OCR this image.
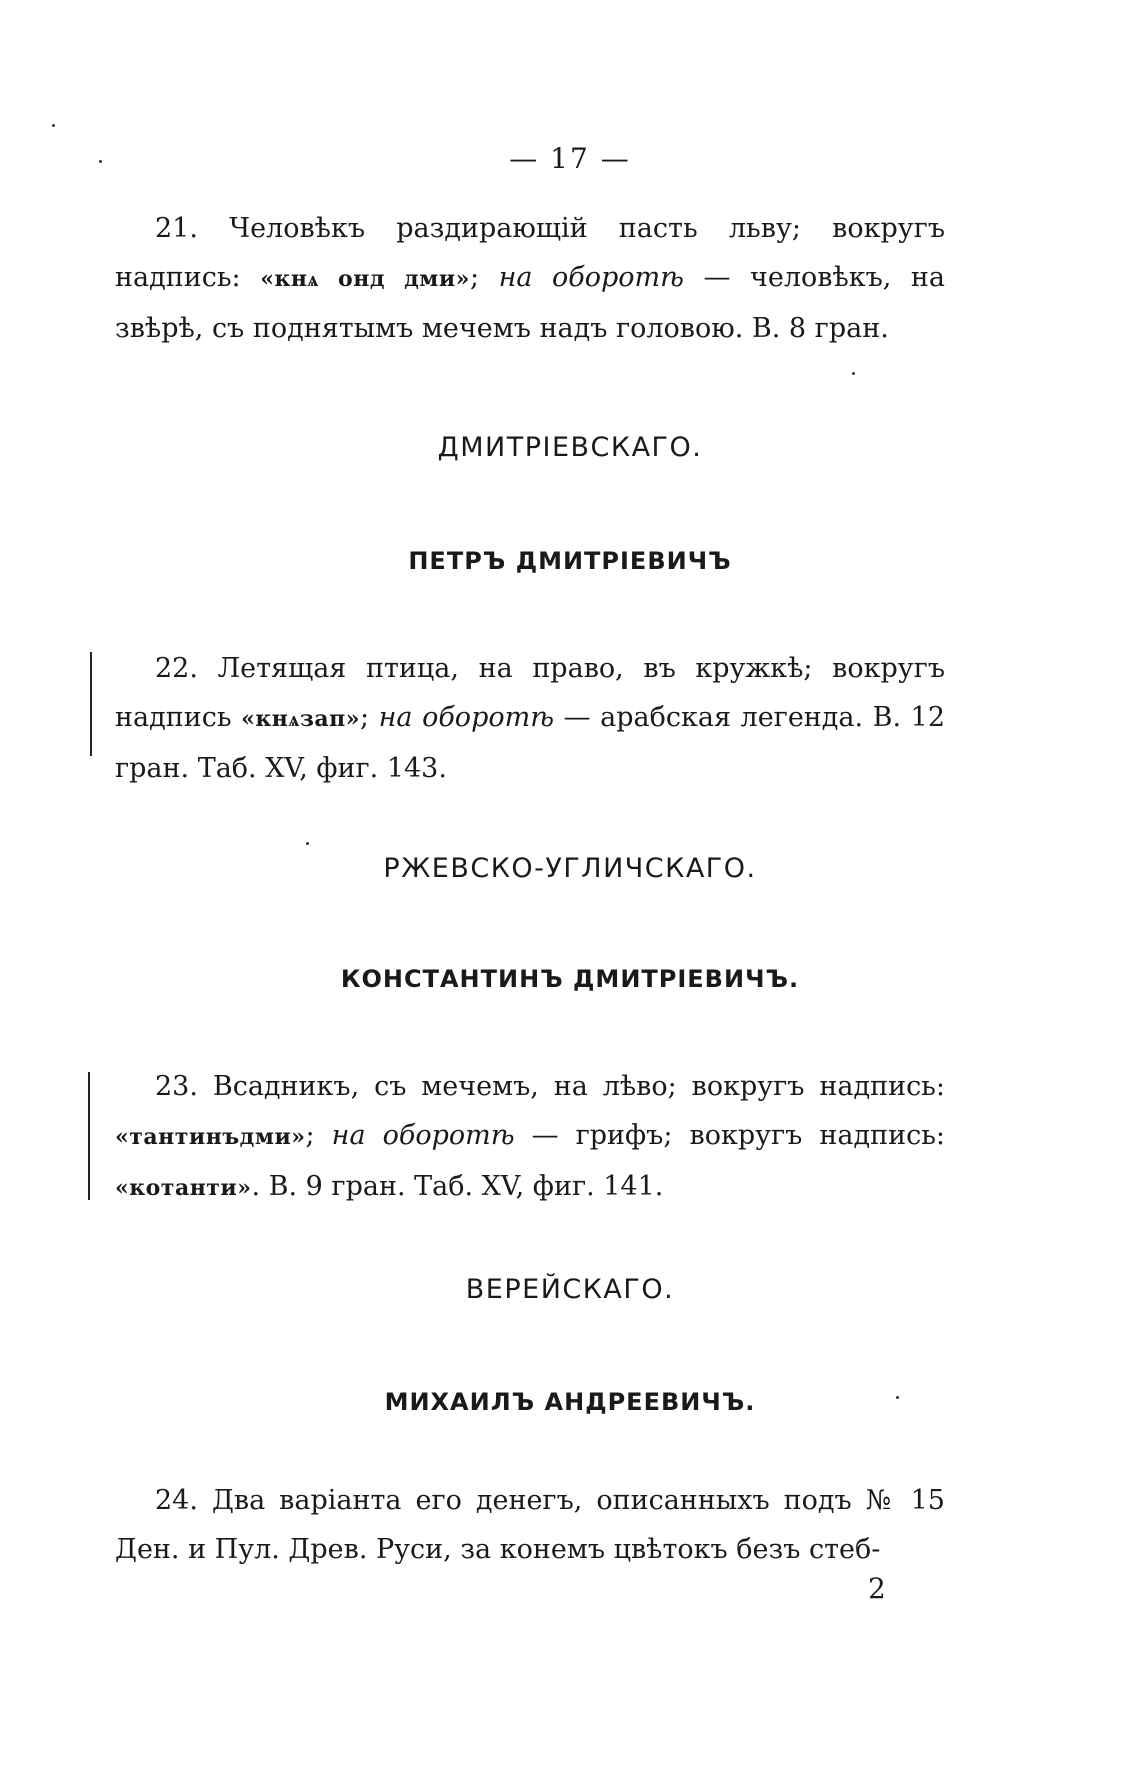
— 17 —

21. Человѣкъ раздирающій пасть льву; вокругъ надпись: «кнѧ онд дми»; на оборотѣ — человѣкъ, на звѣрѣ, съ поднятымъ мечемъ надъ головою. В. 8 гран.

ДМИТРІЕВСКАГО.
ПЕТРЪ ДМИТРІЕВИЧЪ

22. Летящая птица, на право, въ кружкѣ; вокругъ надпись «кнѧзап»; на оборотѣ — арабская легенда. В. 12 гран. Таб. XV, фиг. 143.

РЖЕВСКО-УГЛИЧСКАГО.
КОНСТАНТИНЪ ДМИТРІЕВИЧЪ.

23. Всадникъ, съ мечемъ, на лѣво; вокругъ надпись: «тантинъдми»; на оборотѣ — грифъ; вокругъ надпись: «котанти». В. 9 гран. Таб. XV, фиг. 141.

ВЕРЕЙСКАГО.
МИХАИЛЪ АНДРЕЕВИЧЪ.

24. Два варіанта его денегъ, описанныхъ подъ № 15 Ден. и Пул. Древ. Руси, за конемъ цвѣтокъ безъ стеб-

2
